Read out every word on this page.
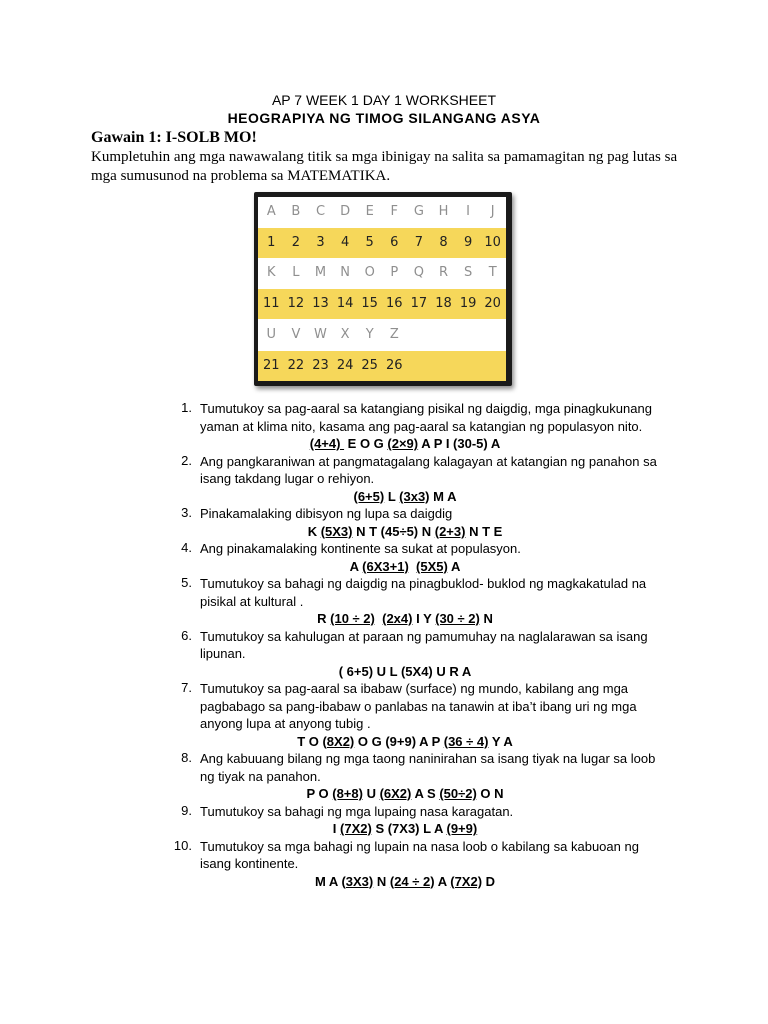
AP 7 WEEK 1 DAY 1 WORKSHEET
HEOGRAPIYA NG TIMOG SILANGANG ASYA
Gawain 1: I-SOLB MO!
Kumpletuhin ang mga nawawalang titik sa mga ibinigay na salita sa pamamagitan ng pag lutas sa mga sumusunod na problema sa MATEMATIKA.
A	B	C	D	E	F	G	H	I	J
1	2	3	4	5	6	7	8	9 10
K	L	M	N	O	P	Q	R	S	T
11 12 13 14 15 16 17 18 19 20
U	V	W	X	Y	Z
21 22 23 24 25 26
1. Tumutukoy sa pag-aaral sa katangiang pisikal ng daigdig, mga pinagkukunang yaman at klima nito, kasama ang pag-aaral sa katangian ng populasyon nito.
(4+4)  E O G (2×9) A P I (30-5) A
2. Ang pangkaraniwan at pangmatagalang kalagayan at katangian ng panahon sa isang takdang lugar o rehiyon.
(6+5) L (3x3) M A
3. Pinakamalaking dibisyon ng lupa sa daigdig
K (5X3) N T (45÷5) N (2+3) N T E
4. Ang pinakamalaking kontinente sa sukat at populasyon.
A (6X3+1) (5X5) A
5. Tumutukoy sa bahagi ng daigdig na pinagbuklod- buklod ng magkakatulad na pisikal at kultural .
R (10 ÷ 2) (2x4) I Y (30 ÷ 2) N
6. Tumutukoy sa kahulugan at paraan ng pamumuhay na naglalarawan sa isang lipunan.
( 6+5) U L (5X4) U R A
7. Tumutukoy sa pag-aaral sa ibabaw (surface) ng mundo, kabilang ang mga pagbabago sa pang-ibabaw o panlabas na tanawin at iba’t ibang uri ng mga anyong lupa at anyong tubig .
T O (8X2) O G (9+9) A P (36 ÷ 4) Y A
8. Ang kabuuang bilang ng mga taong naninirahan sa isang tiyak na lugar sa loob ng tiyak na panahon.
P O (8+8) U (6X2) A S (50÷2) O N
9. Tumutukoy sa bahagi ng mga lupaing nasa karagatan.
I (7X2) S (7X3) L A (9+9)
10. Tumutukoy sa mga bahagi ng lupain na nasa loob o kabilang sa kabuoan ng isang kontinente.
M A (3X3) N (24 ÷ 2) A (7X2) D
